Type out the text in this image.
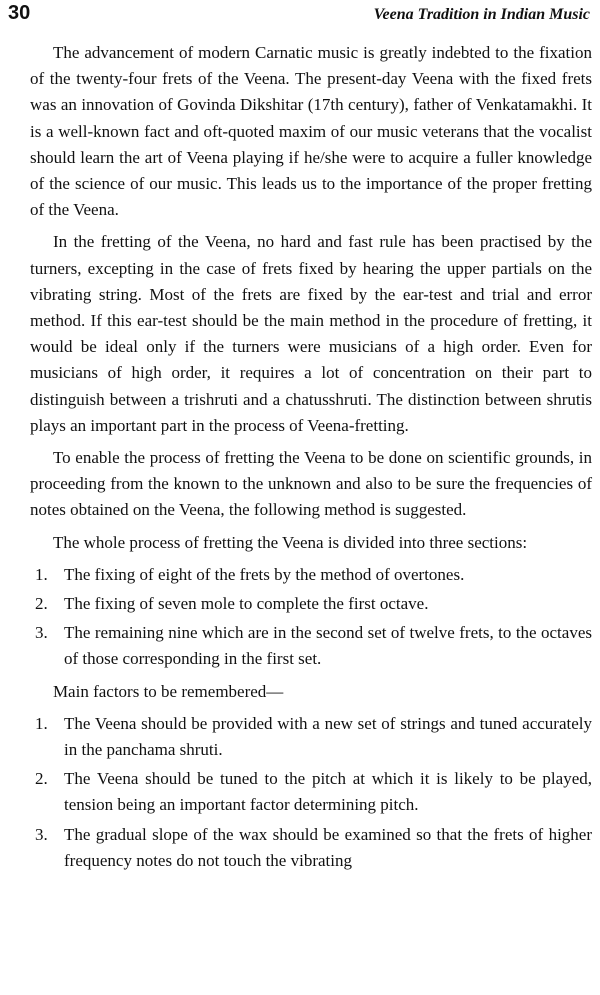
30	Veena Tradition in Indian Music

The advancement of modern Carnatic music is greatly indebted to the fixation of the twenty-four frets of the Veena. The present-day Veena with the fixed frets was an innovation of Govinda Dikshitar (17th century), father of Venkatamakhi. It is a well-known fact and oft-quoted maxim of our music veterans that the vocalist should learn the art of Veena playing if he/she were to acquire a fuller knowledge of the science of our music. This leads us to the importance of the proper fretting of the Veena.

In the fretting of the Veena, no hard and fast rule has been practised by the turners, excepting in the case of frets fixed by hearing the upper partials on the vibrating string. Most of the frets are fixed by the ear-test and trial and error method. If this ear-test should be the main method in the procedure of fretting, it would be ideal only if the turners were musicians of a high order. Even for musicians of high order, it requires a lot of concentration on their part to distinguish between a trishruti and a chatusshruti. The distinction between shrutis plays an important part in the process of Veena-fretting.

To enable the process of fretting the Veena to be done on scientific grounds, in proceeding from the known to the unknown and also to be sure the frequencies of notes obtained on the Veena, the following method is suggested.

The whole process of fretting the Veena is divided into three sections:

1. The fixing of eight of the frets by the method of overtones.
2. The fixing of seven mole to complete the first octave.
3. The remaining nine which are in the second set of twelve frets, to the octaves of those corresponding in the first set.

Main factors to be remembered—

1. The Veena should be provided with a new set of strings and tuned accurately in the panchama shruti.
2. The Veena should be tuned to the pitch at which it is likely to be played, tension being an important factor determining pitch.
3. The gradual slope of the wax should be examined so that the frets of higher frequency notes do not touch the vibrating
